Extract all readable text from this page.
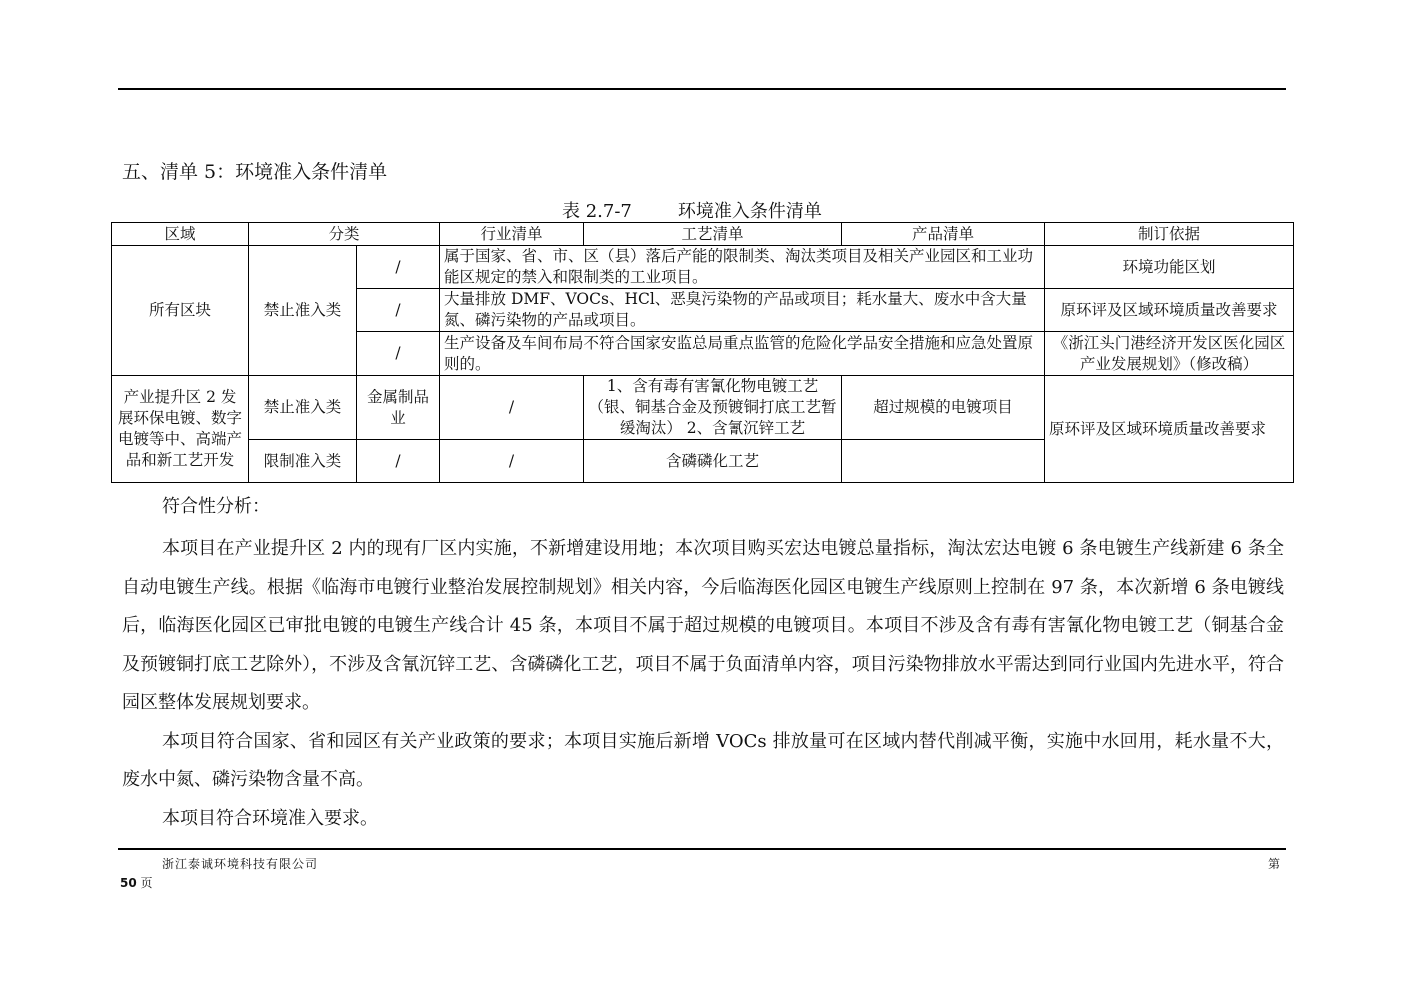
五、清单 5：环境准入条件清单
表 2.7-7	环境准入条件清单
区域	分类		行业清单	工艺清单	产品清单	制订依据
所有区块	禁止准入类	/	属于国家、省、市、区（县）落后产能的限制类、淘汰类项目及相关产业园区和工业功能区规定的禁入和限制类的工业项目。			环境功能区划
		/	大量排放 DMF、VOCs、HCl、恶臭污染物的产品或项目；耗水量大、废水中含大量氮、磷污染物的产品或项目。			原环评及区域环境质量改善要求
		/	生产设备及车间布局不符合国家安监总局重点监管的危险化学品安全措施和应急处置原则的。			《浙江头门港经济开发区医化园区产业发展规划》（修改稿）
产业提升区 2 发展环保电镀、数字电镀等中、高端产品和新工艺开发	禁止准入类	金属制品业	/	1、含有毒有害氰化物电镀工艺（银、铜基合金及预镀铜打底工艺暂缓淘汰） 2、含氰沉锌工艺	超过规模的电镀项目	原环评及区域环境质量改善要求
	限制准入类	/	/	含磷磷化工艺		

符合性分析：

本项目在产业提升区 2 内的现有厂区内实施，不新增建设用地；本次项目购买宏达电镀总量指标，淘汰宏达电镀 6 条电镀生产线新建 6 条全自动电镀生产线。根据《临海市电镀行业整治发展控制规划》相关内容，今后临海医化园区电镀生产线原则上控制在 97 条，本次新增 6 条电镀线后，临海医化园区已审批电镀的电镀生产线合计 45 条，本项目不属于超过规模的电镀项目。本项目不涉及含有毒有害氰化物电镀工艺（铜基合金及预镀铜打底工艺除外），不涉及含氰沉锌工艺、含磷磷化工艺，项目不属于负面清单内容，项目污染物排放水平需达到同行业国内先进水平，符合园区整体发展规划要求。

本项目符合国家、省和园区有关产业政策的要求；本项目实施后新增 VOCs 排放量可在区域内替代削减平衡，实施中水回用，耗水量不大，废水中氮、磷污染物含量不高。

本项目符合环境准入要求。

浙江泰诚环境科技有限公司	第
50 页
